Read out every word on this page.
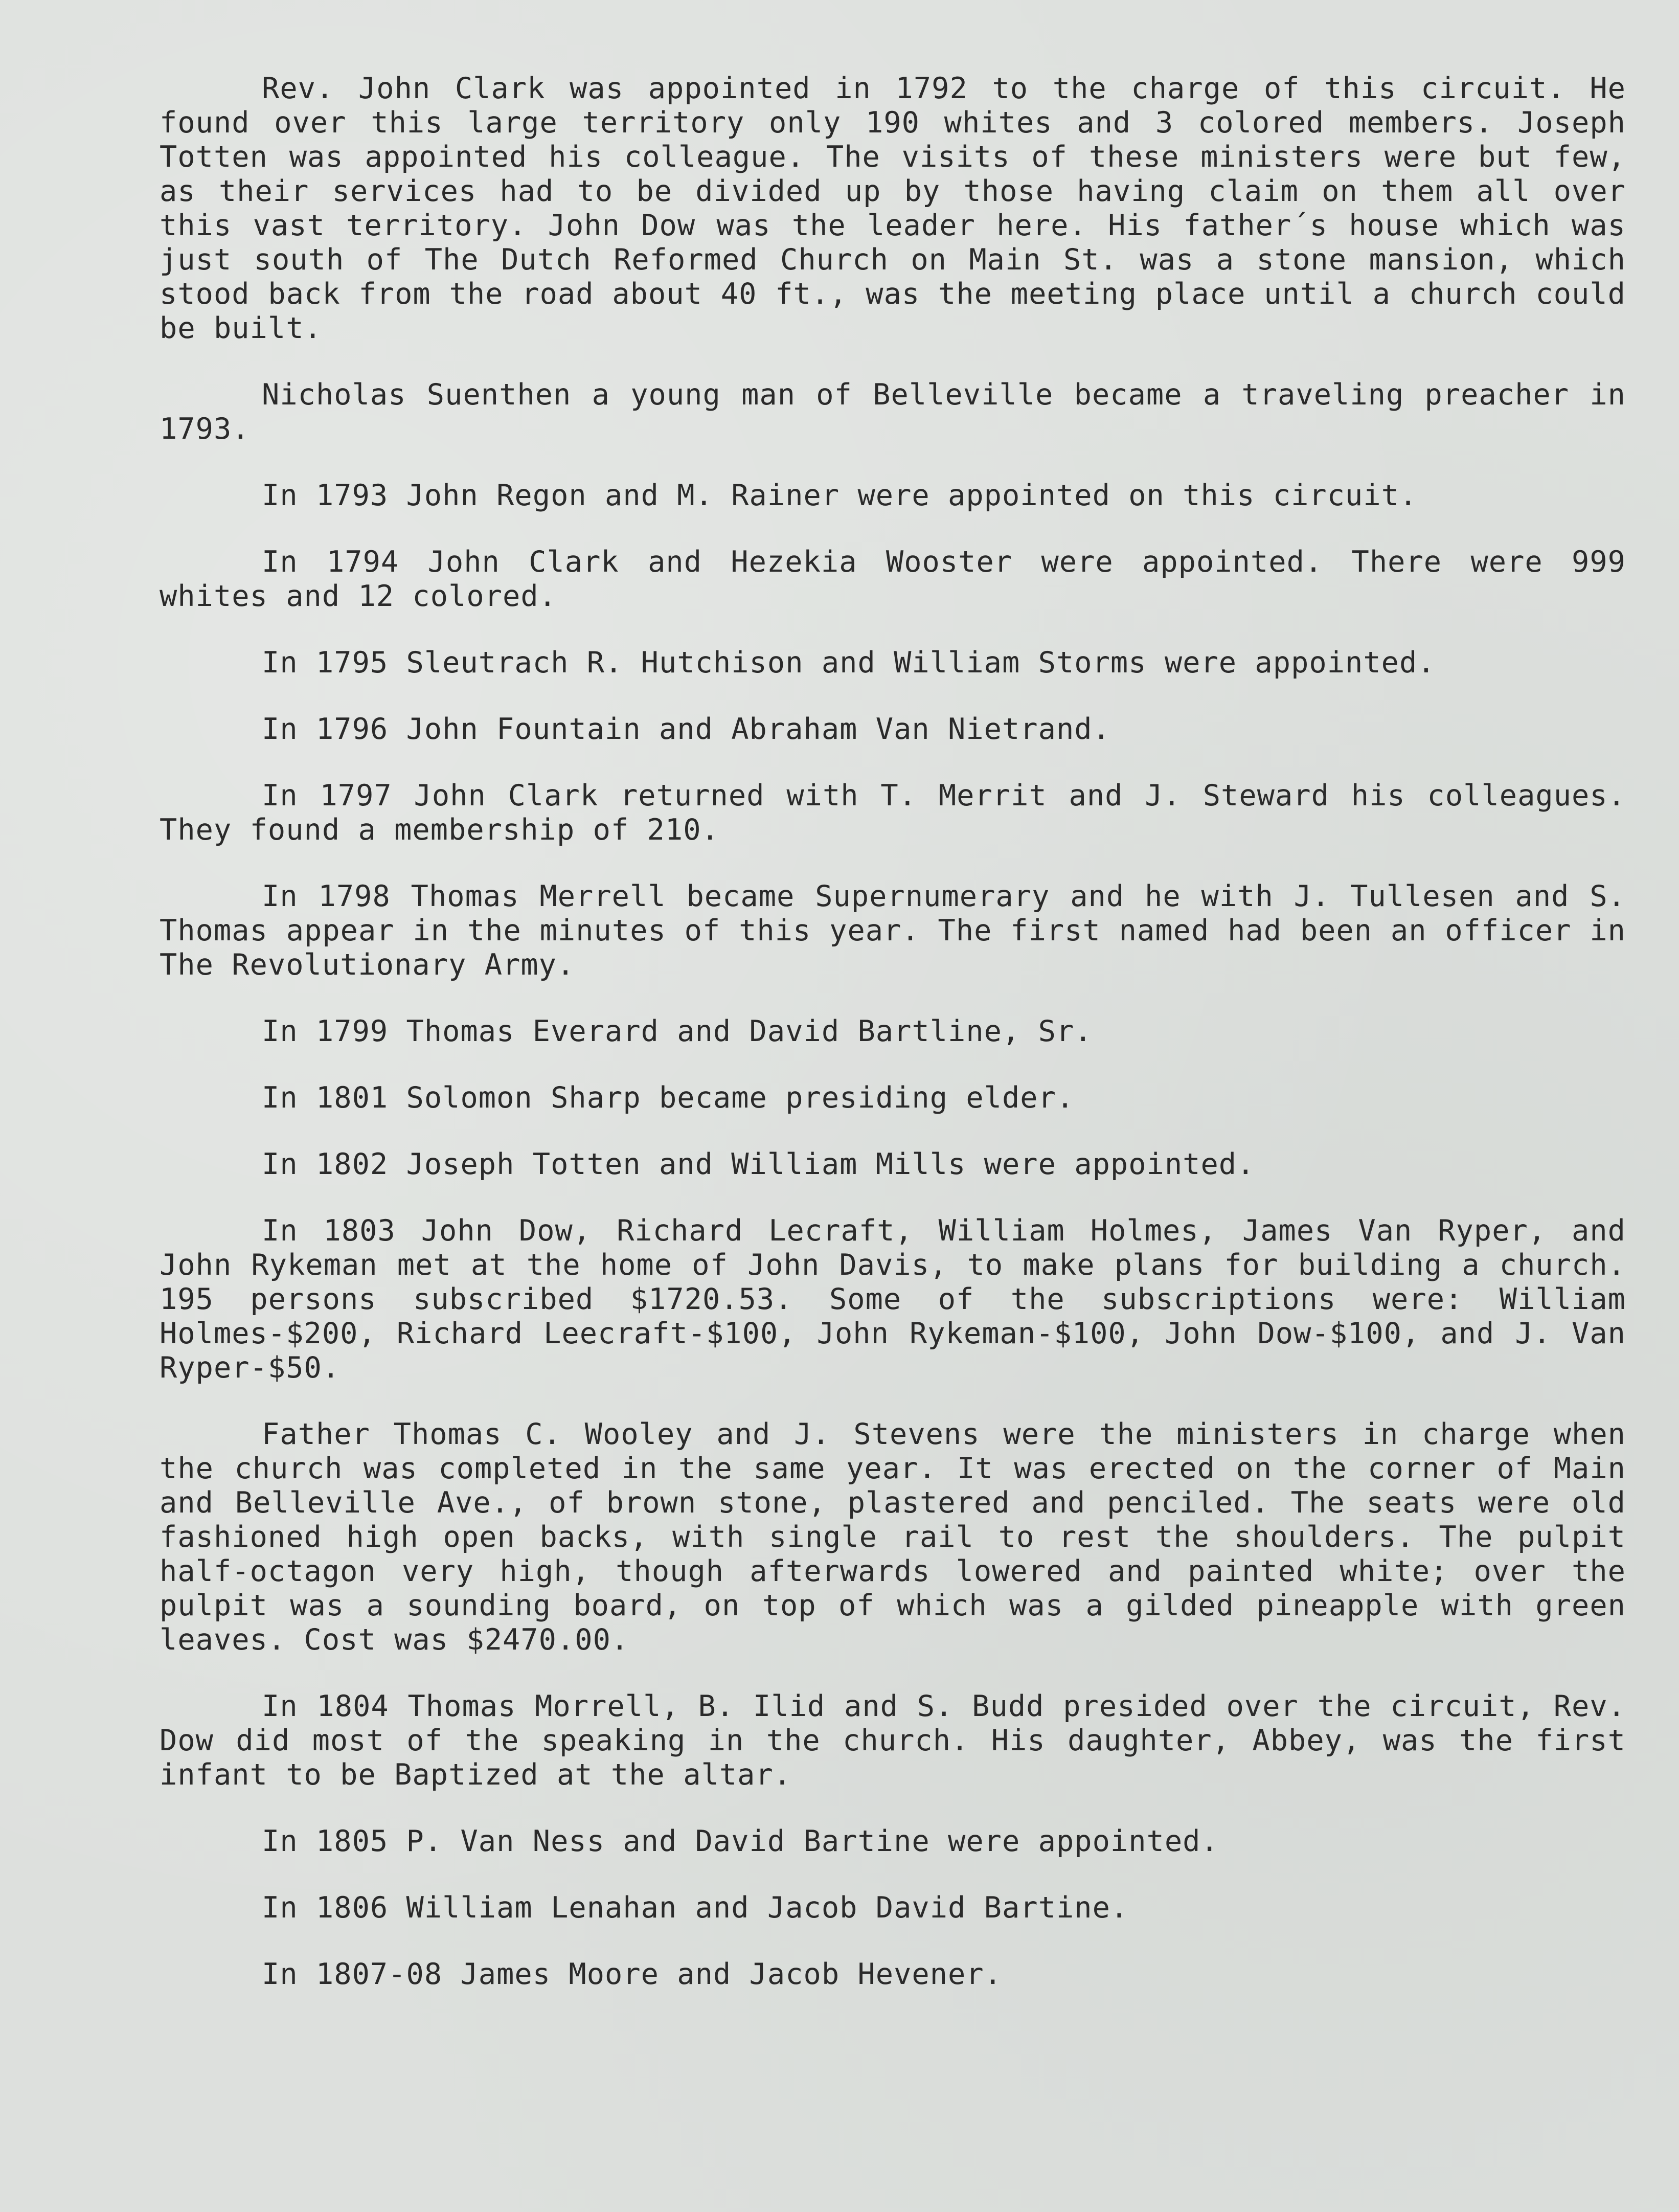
Rev. John Clark was appointed in 1792 to the charge of this circuit. He found over this large territory only 190 whites and 3 colored members. Joseph Totten was appointed his colleague. The visits of these ministers were but few, as their services had to be divided up by those having claim on them all over this vast territory. John Dow was the leader here. His father´s house which was just south of The Dutch Reformed Church on Main St. was a stone mansion, which stood back from the road about 40 ft., was the meeting place until a church could be built.

Nicholas Suenthen a young man of Belleville became a traveling preacher in 1793.

In 1793 John Regon and M. Rainer were appointed on this circuit.

In 1794 John Clark and Hezekia Wooster were appointed. There were 999 whites and 12 colored.

In 1795 Sleutrach R. Hutchison and William Storms were appointed.

In 1796 John Fountain and Abraham Van Nietrand.

In 1797 John Clark returned with T. Merrit and J. Steward his colleagues. They found a membership of 210.

In 1798 Thomas Merrell became Supernumerary and he with J. Tullesen and S. Thomas appear in the minutes of this year. The first named had been an officer in The Revolutionary Army.

In 1799 Thomas Everard and David Bartline, Sr.

In 1801 Solomon Sharp became presiding elder.

In 1802 Joseph Totten and William Mills were appointed.

In 1803 John Dow, Richard Lecraft, William Holmes, James Van Ryper, and John Rykeman met at the home of John Davis, to make plans for building a church. 195 persons subscribed $1720.53. Some of the subscriptions were: William Holmes-$200, Richard Leecraft-$100, John Rykeman-$100, John Dow-$100, and J. Van Ryper-$50.

Father Thomas C. Wooley and J. Stevens were the ministers in charge when the church was completed in the same year. It was erected on the corner of Main and Belleville Ave., of brown stone, plastered and penciled. The seats were old fashioned high open backs, with single rail to rest the shoulders. The pulpit half-octagon very high, though afterwards lowered and painted white; over the pulpit was a sounding board, on top of which was a gilded pineapple with green leaves. Cost was $2470.00.

In 1804 Thomas Morrell, B. Ilid and S. Budd presided over the circuit, Rev. Dow did most of the speaking in the church. His daughter, Abbey, was the first infant to be Baptized at the altar.

In 1805 P. Van Ness and David Bartine were appointed.

In 1806 William Lenahan and Jacob David Bartine.

In 1807-08 James Moore and Jacob Hevener.
